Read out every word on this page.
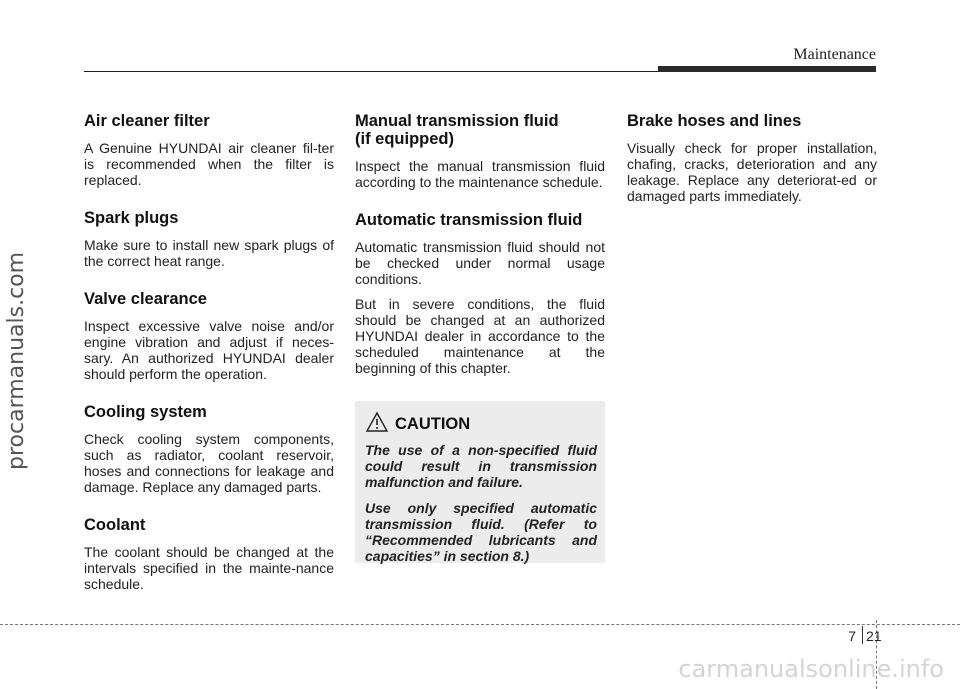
procarmanuals.com
Maintenance
Air cleaner filter

A Genuine HYUNDAI air cleaner fil-ter is recommended when the filter is replaced.

Spark plugs

Make sure to install new spark plugs of the correct heat range.

Valve clearance

Inspect excessive valve noise and/or engine vibration and adjust if neces-sary. An authorized HYUNDAI dealer should perform the operation.

Cooling system

Check cooling system components, such as radiator, coolant reservoir, hoses and connections for leakage and damage. Replace any damaged parts.

Coolant

The coolant should be changed at the intervals specified in the mainte-nance schedule.

Manual transmission fluid
(if equipped)

Inspect the manual transmission fluid according to the maintenance schedule.

Automatic transmission fluid

Automatic transmission fluid should not be checked under normal usage conditions.

But in severe conditions, the fluid should be changed at an authorized HYUNDAI dealer in accordance to the scheduled maintenance at the beginning of this chapter.

CAUTION

The use of a non-specified fluid could result in transmission malfunction and failure.

Use only specified automatic transmission fluid. (Refer to “Recommended lubricants and capacities” in section 8.)

Brake hoses and lines

Visually check for proper installation, chafing, cracks, deterioration and any leakage. Replace any deteriorat-ed or damaged parts immediately.

7 21
carmanualsonline.info
